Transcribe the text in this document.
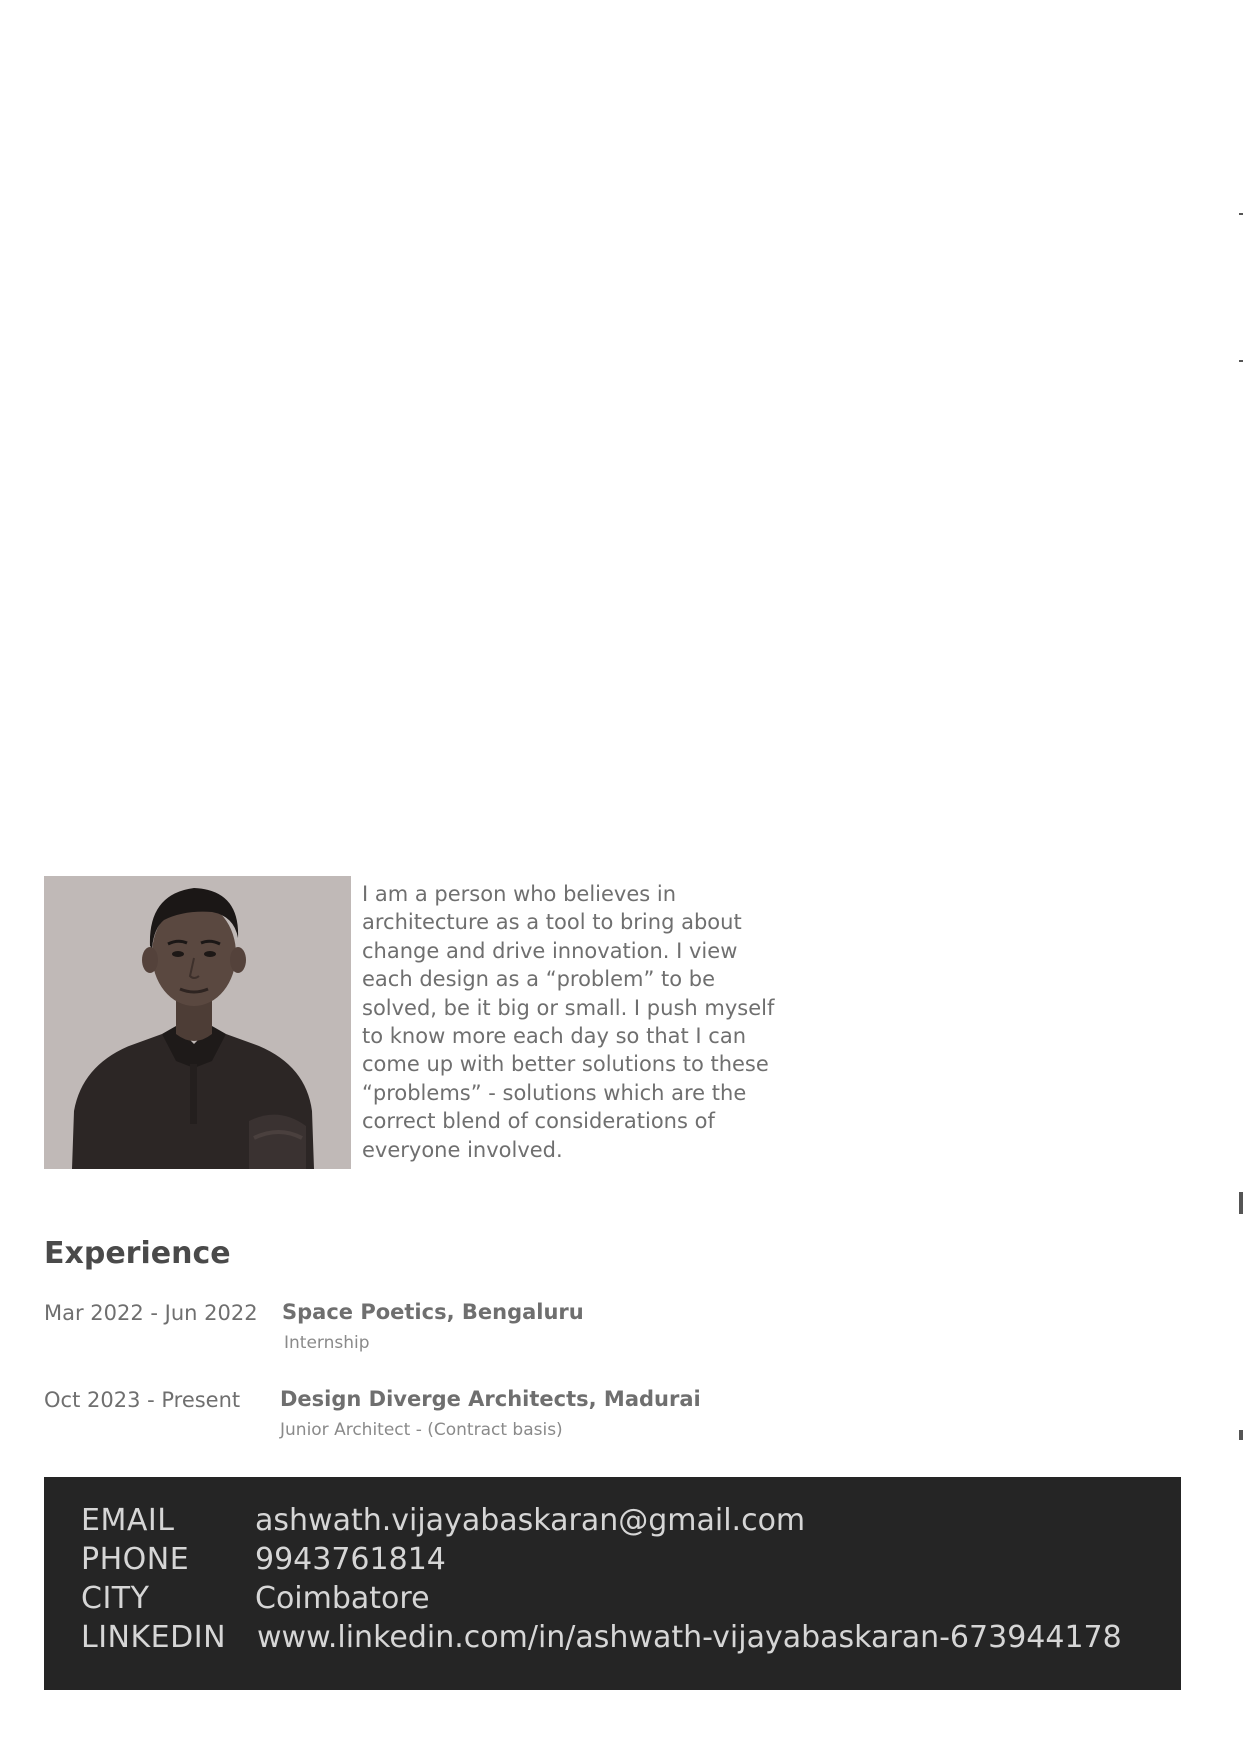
I am a person who believes in
architecture as a tool to bring about
change and drive innovation. I view
each design as a “problem” to be
solved, be it big or small. I push myself
to know more each day so that I can
come up with better solutions to these
“problems” - solutions which are the
correct blend of considerations of
everyone involved.
Experience
Mar 2022 - Jun 2022 Space Poetics, Bengaluru
Internship
Oct 2023 - Present Design Diverge Architects, Madurai
Junior Architect - (Contract basis)
EMAIL	ashwath.vijayabaskaran@gmail.com
PHONE 9943761814
CITY	Coimbatore
LINKEDIN www.linkedin.com/in/ashwath-vijayabaskaran-673944178
